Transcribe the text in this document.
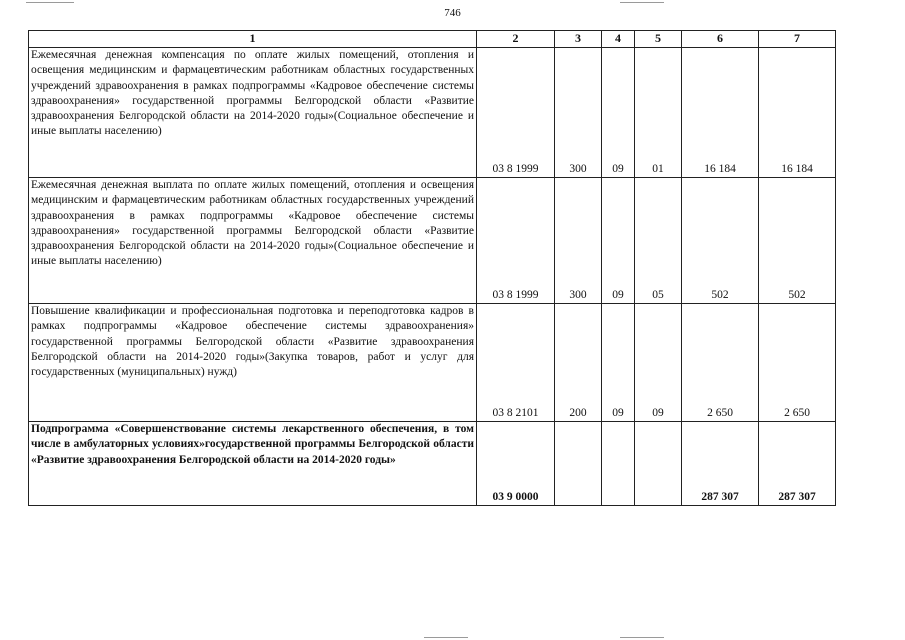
746
1	2	3	4	5	6	7
Ежемесячная денежная компенсация по оплате жилых помещений, отопления и освещения медицинским и фармацевтическим работникам областных государственных учреждений здравоохранения в рамках подпрограммы «Кадровое обеспечение системы здравоохранения» государственной программы Белгородской области «Развитие здравоохранения Белгородской области на 2014-2020 годы»(Социальное обеспечение и иные выплаты населению)	03 8 1999	300	09	01	16 184	16 184
Ежемесячная денежная выплата по оплате жилых помещений, отопления и освещения медицинским и фармацевтическим работникам областных государственных учреждений здравоохранения в рамках подпрограммы «Кадровое обеспечение системы здравоохранения» государственной программы Белгородской области «Развитие здравоохранения Белгородской области на 2014-2020 годы»(Социальное обеспечение и иные выплаты населению)	03 8 1999	300	09	05	502	502
Повышение квалификации и профессиональная подготовка и переподготовка кадров в рамках подпрограммы «Кадровое обеспечение системы здравоохранения» государственной программы Белгородской области «Развитие здравоохранения Белгородской области на 2014-2020 годы»(Закупка товаров, работ и услуг для государственных (муниципальных) нужд)	03 8 2101	200	09	09	2 650	2 650
Подпрограмма «Совершенствование системы лекарственного обеспечения, в том числе в амбулаторных условиях»государственной программы Белгородской области «Развитие здравоохранения Белгородской области на 2014-2020 годы»	03 9 0000				287 307	287 307
